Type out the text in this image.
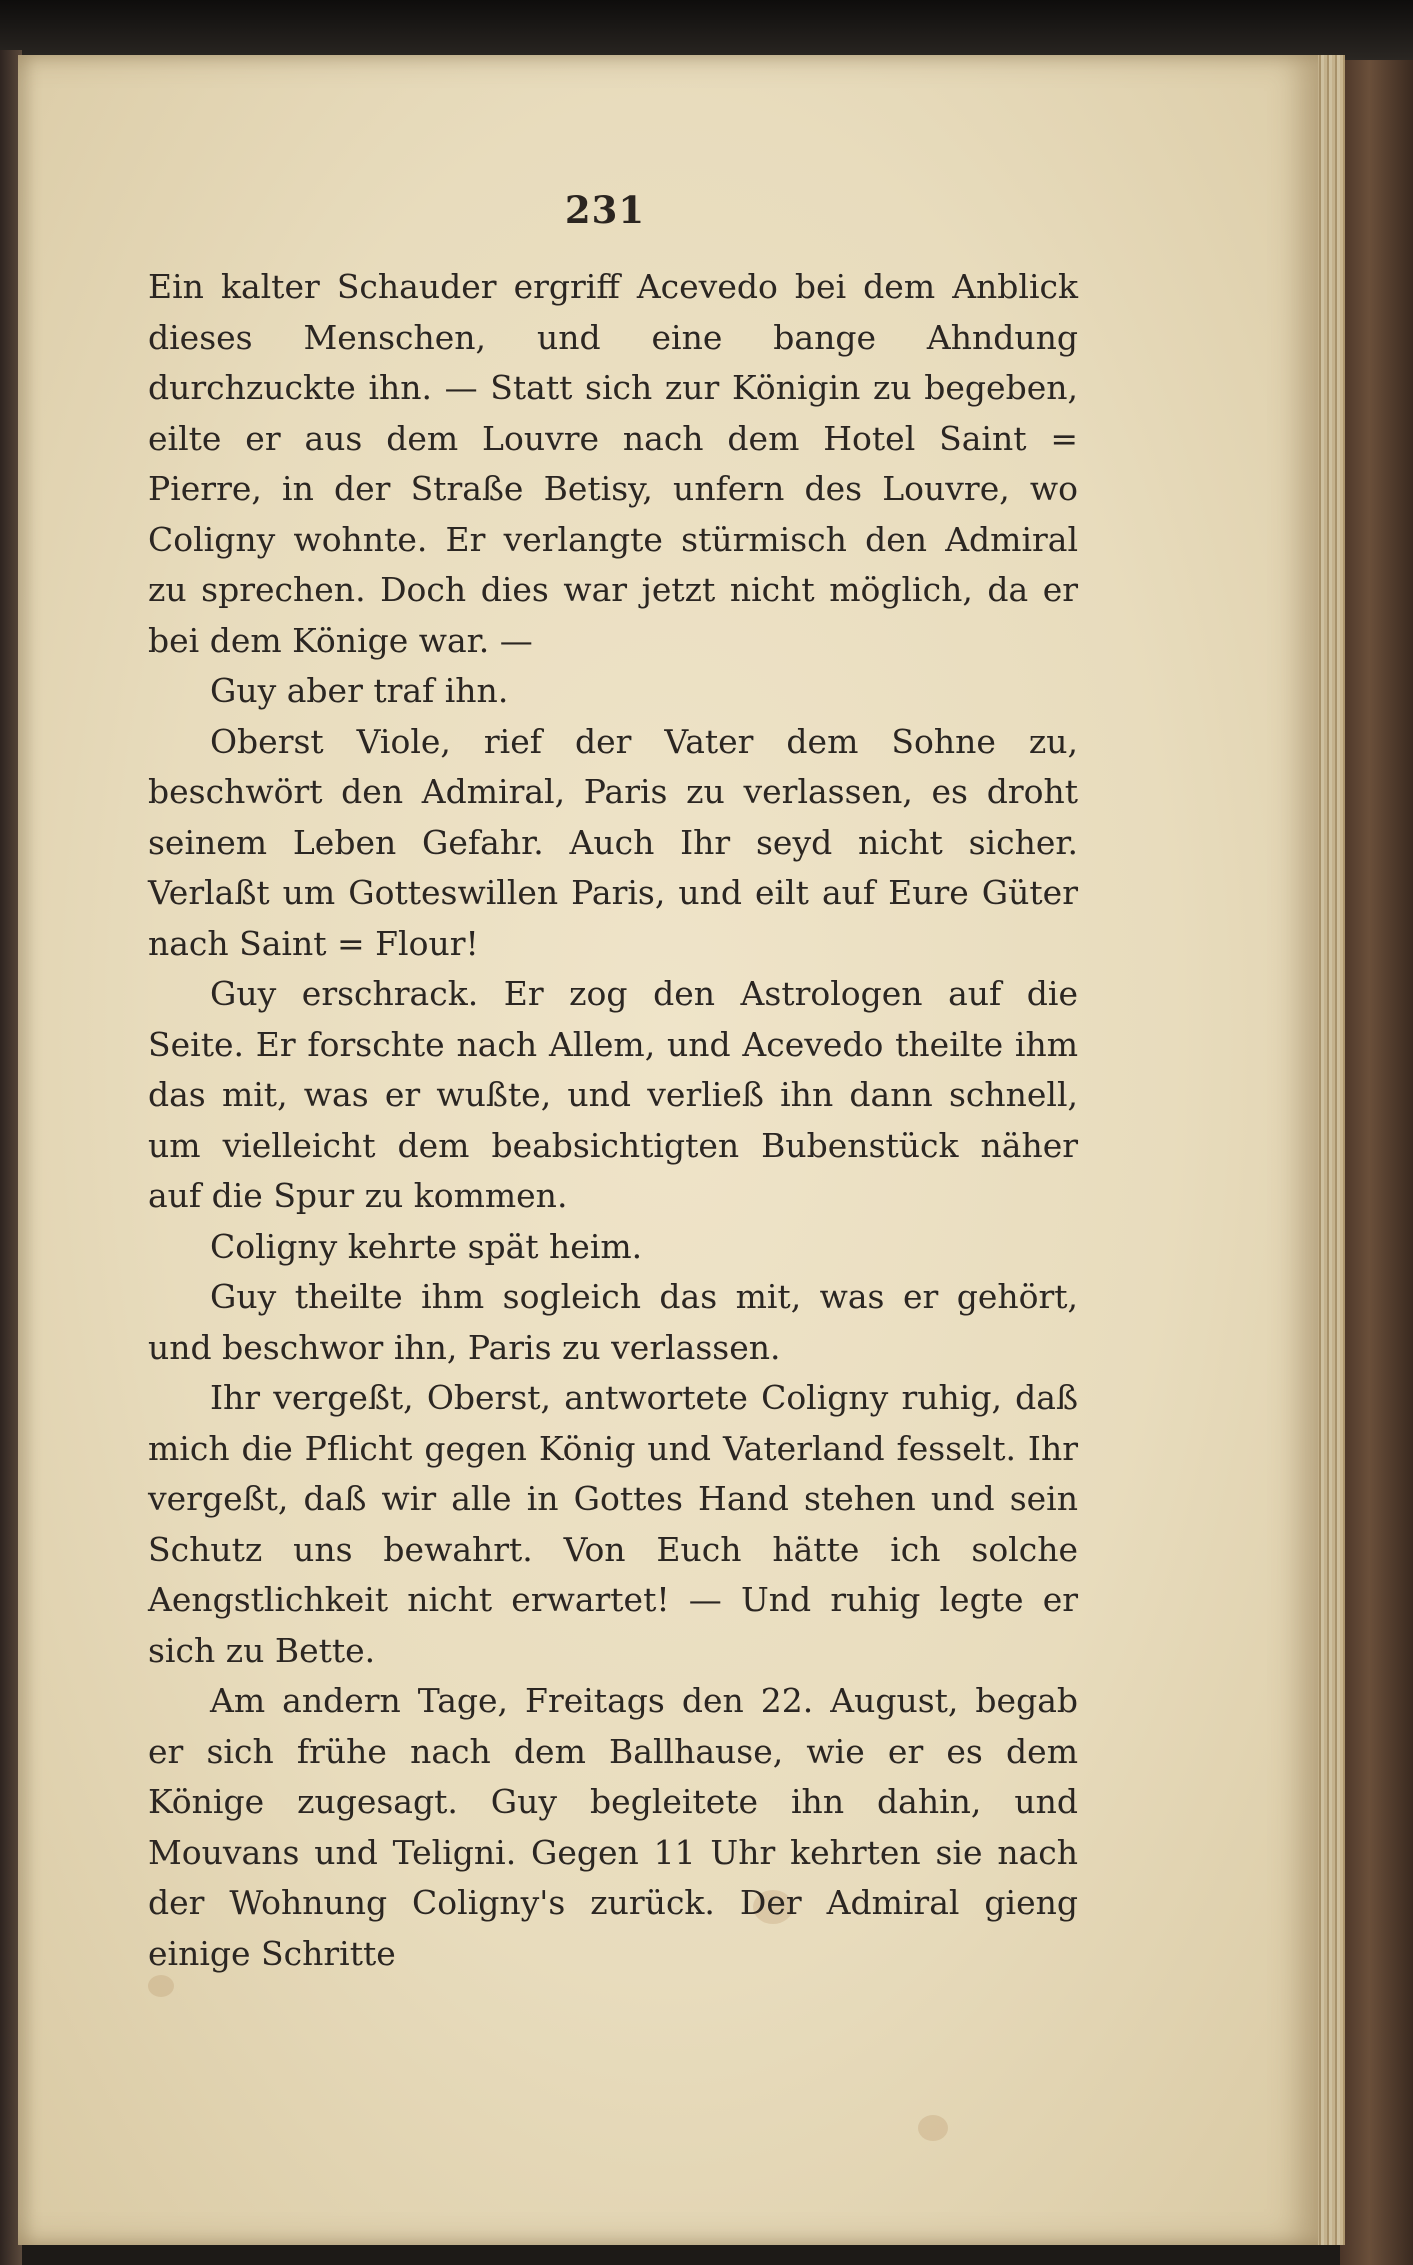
231

Ein kalter Schauder ergriff Acevedo bei dem Anblick dieses Menschen, und eine bange Ahndung durchzuckte ihn. — Statt sich zur Königin zu begeben, eilte er aus dem Louvre nach dem Hotel Saint = Pierre, in der Straße Betisy, unfern des Louvre, wo Coligny wohnte. Er verlangte stürmisch den Admiral zu sprechen. Doch dies war jetzt nicht möglich, da er bei dem Könige war. —

Guy aber traf ihn.

Oberst Viole, rief der Vater dem Sohne zu, beschwört den Admiral, Paris zu verlassen, es droht seinem Leben Gefahr. Auch Ihr seyd nicht sicher. Verlaßt um Gotteswillen Paris, und eilt auf Eure Güter nach Saint = Flour!

Guy erschrack. Er zog den Astrologen auf die Seite. Er forschte nach Allem, und Acevedo theilte ihm das mit, was er wußte, und verließ ihn dann schnell, um vielleicht dem beabsichtigten Bubenstück näher auf die Spur zu kommen.

Coligny kehrte spät heim.

Guy theilte ihm sogleich das mit, was er gehört, und beschwor ihn, Paris zu verlassen.

Ihr vergeßt, Oberst, antwortete Coligny ruhig, daß mich die Pflicht gegen König und Vaterland fesselt. Ihr vergeßt, daß wir alle in Gottes Hand stehen und sein Schutz uns bewahrt. Von Euch hätte ich solche Aengstlichkeit nicht erwartet! — Und ruhig legte er sich zu Bette.

Am andern Tage, Freitags den 22. August, begab er sich frühe nach dem Ballhause, wie er es dem Könige zugesagt. Guy begleitete ihn dahin, und Mouvans und Teligni. Gegen 11 Uhr kehrten sie nach der Wohnung Coligny's zurück. Der Admiral gieng einige Schritte
